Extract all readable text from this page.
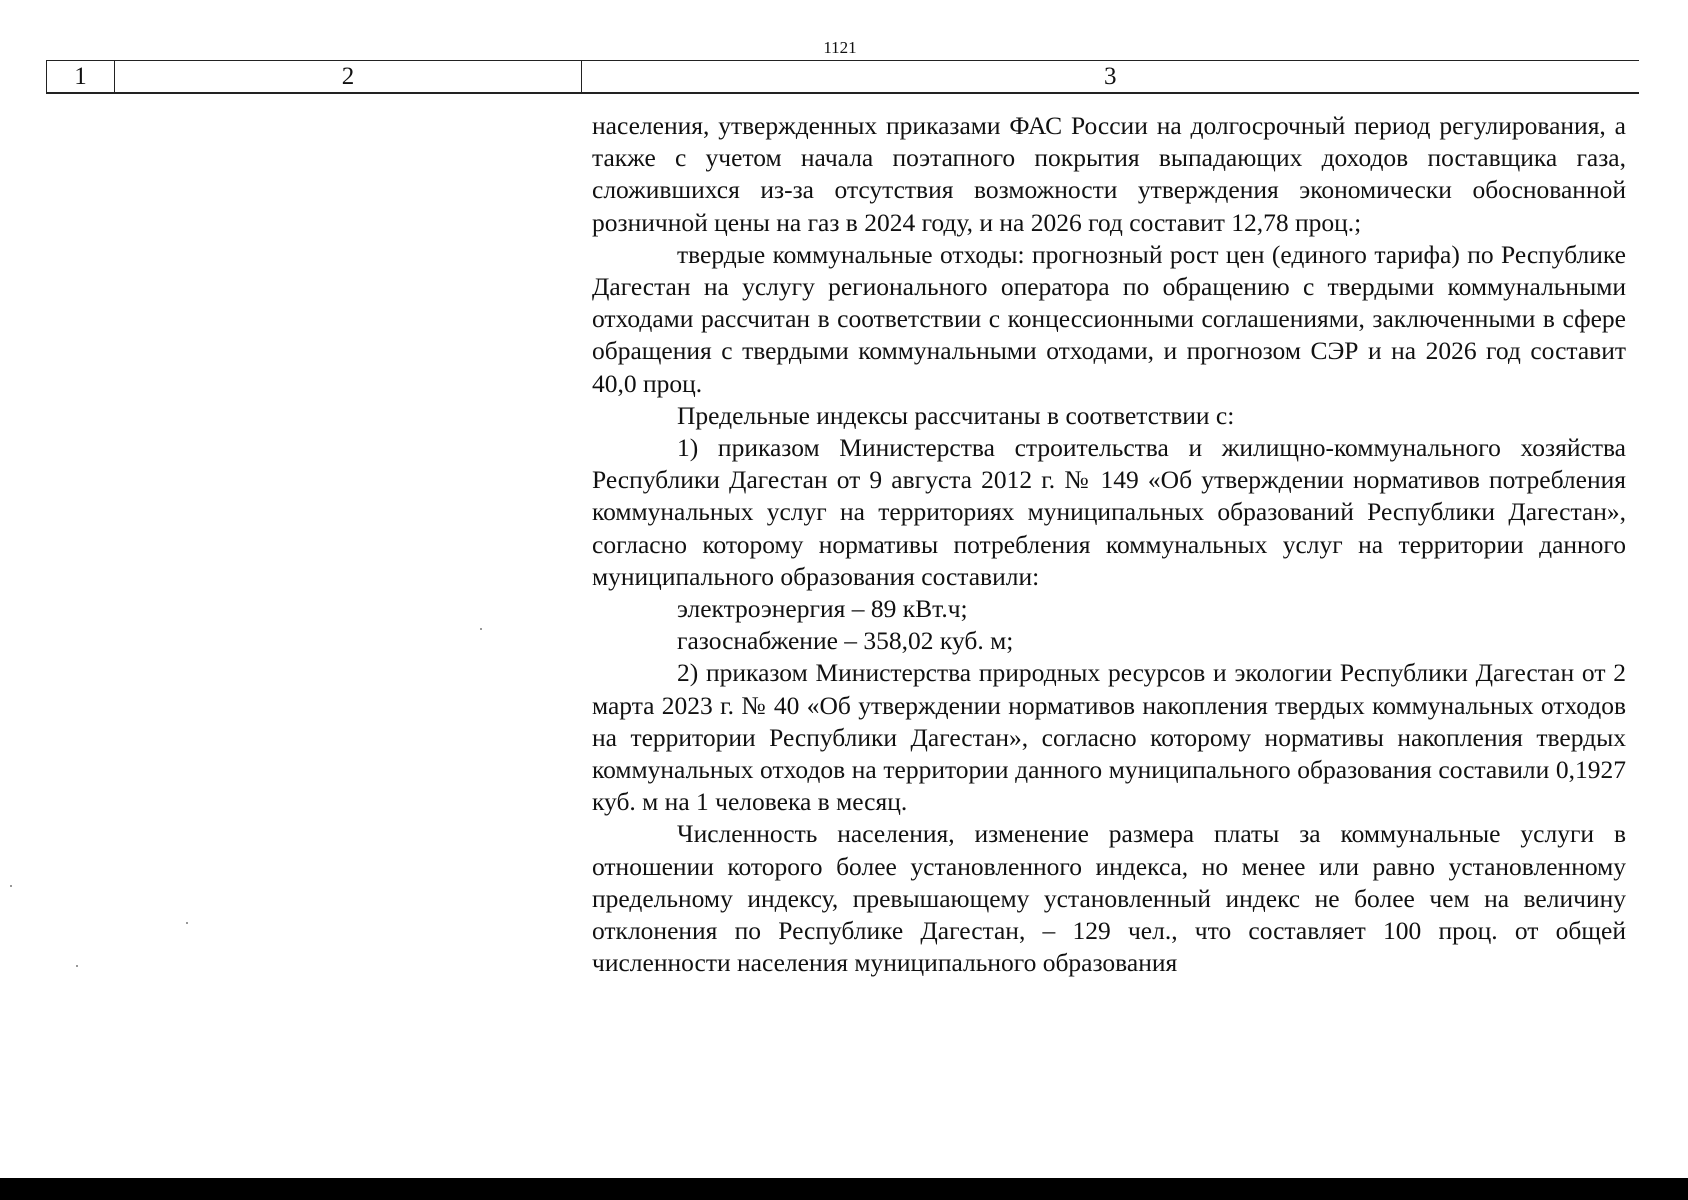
1121
1	2	3

населения, утвержденных приказами ФАС России на долгосрочный период регулирования, а также с учетом начала поэтапного покрытия выпадающих доходов поставщика газа, сложившихся из-за отсутствия возможности утверждения экономически обоснованной розничной цены на газ в 2024 году, и на 2026 год составит 12,78 проц.;

твердые коммунальные отходы: прогнозный рост цен (единого тарифа) по Республике Дагестан на услугу регионального оператора по обращению с твердыми коммунальными отходами рассчитан в соответствии с концессионными соглашениями, заключенными в сфере обращения с твердыми коммунальными отходами, и прогнозом СЭР и на 2026 год составит 40,0 проц.

Предельные индексы рассчитаны в соответствии с:

1) приказом Министерства строительства и жилищно-коммунального хозяйства Республики Дагестан от 9 августа 2012 г. № 149 «Об утверждении нормативов потребления коммунальных услуг на территориях муниципальных образований Республики Дагестан», согласно которому нормативы потребления коммунальных услуг на территории данного муниципального образования составили:

электроэнергия – 89 кВт.ч;

газоснабжение – 358,02 куб. м;

2) приказом Министерства природных ресурсов и экологии Республики Дагестан от 2 марта 2023 г. № 40 «Об утверждении нормативов накопления твердых коммунальных отходов на территории Республики Дагестан», согласно которому нормативы накопления твердых коммунальных отходов на территории данного муниципального образования составили 0,1927 куб. м на 1 человека в месяц.

Численность населения, изменение размера платы за коммунальные услуги в отношении которого более установленного индекса, но менее или равно установленному предельному индексу, превышающему установленный индекс не более чем на величину отклонения по Республике Дагестан, – 129 чел., что составляет 100 проц. от общей численности населения муниципального образования
